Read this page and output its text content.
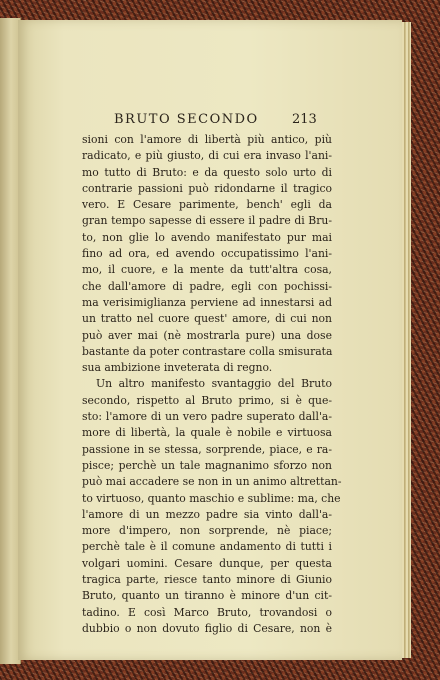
BRUTO SECONDO	213
sioni con l'amore di libertà più antico, più
radicato, e più giusto, di cui era invaso l'ani-
mo tutto di Bruto: e da questo solo urto di
contrarie passioni può ridondarne il tragico
vero. E Cesare parimente, bench' egli da
gran tempo sapesse di essere il padre di Bru-
to, non glie lo avendo manifestato pur mai
fino ad ora, ed avendo occupatissimo l'ani-
mo, il cuore, e la mente da tutt'altra cosa,
che dall'amore di padre, egli con pochissi-
ma verisimiglianza perviene ad innestarsi ad
un tratto nel cuore quest' amore, di cui non
può aver mai (nè mostrarla pure) una dose
bastante da poter contrastare colla smisurata
sua ambizione inveterata di regno.
Un altro manifesto svantaggio del Bruto
secondo, rispetto al Bruto primo, si è que-
sto: l'amore di un vero padre superato dall'a-
more di libertà, la quale è nobile e virtuosa
passione in se stessa, sorprende, piace, e ra-
pisce; perchè un tale magnanimo sforzo non
può mai accadere se non in un animo altrettan-
to virtuoso, quanto maschio e sublime: ma, che
l'amore di un mezzo padre sia vinto dall'a-
more d'impero, non sorprende, nè piace;
perchè tale è il comune andamento di tutti i
volgari uomini. Cesare dunque, per questa
tragica parte, riesce tanto minore di Giunio
Bruto, quanto un tiranno è minore d'un cit-
tadino. E così Marco Bruto, trovandosi o
dubbio o non dovuto figlio di Cesare, non è
